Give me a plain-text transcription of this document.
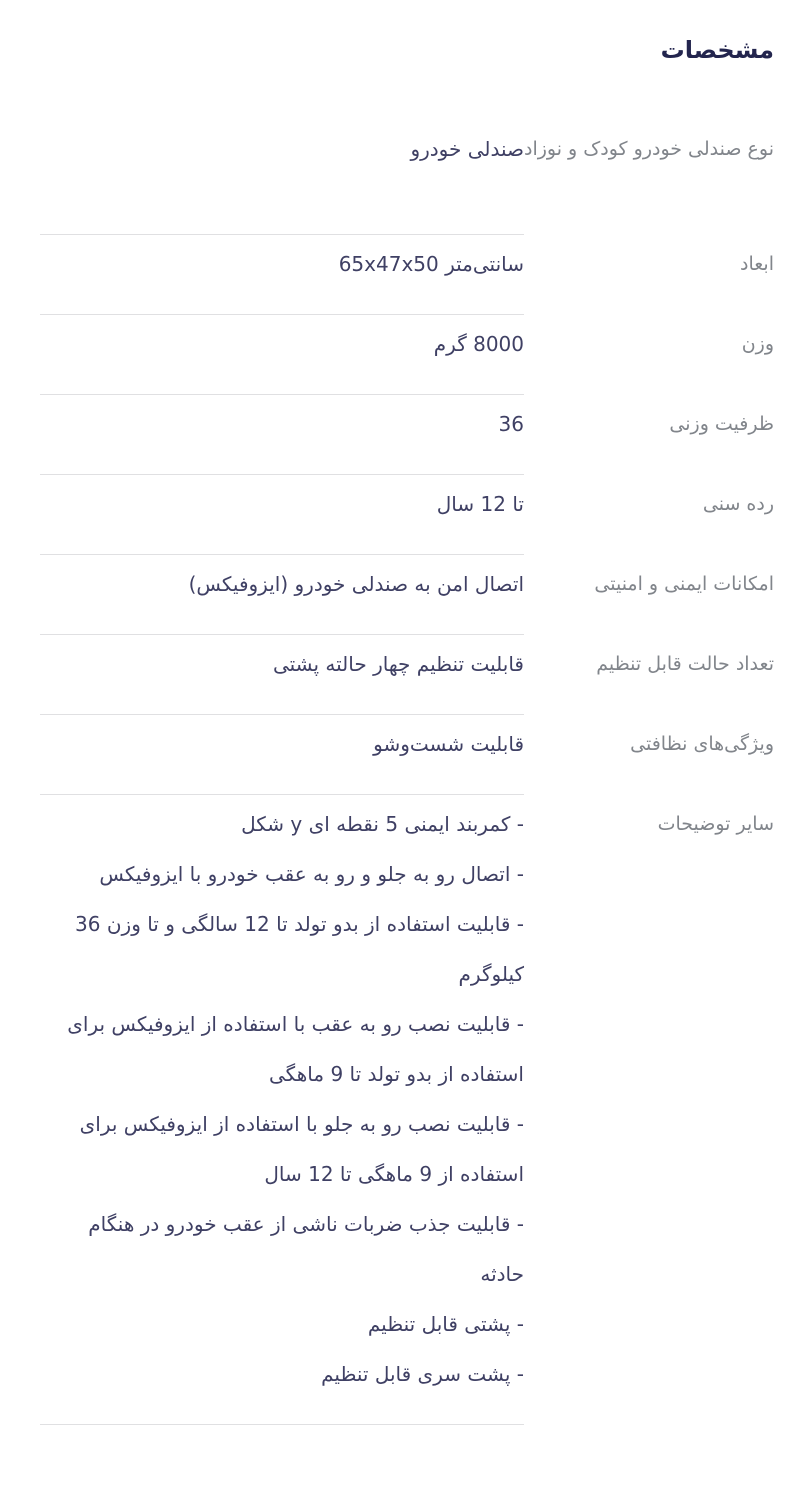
مشخصات
نوع صندلی خودرو کودک و نوزاد
صندلی خودرو
ابعاد
سانتی‌متر 65x47x50
وزن
8000 گرم
ظرفیت وزنی
36
رده سنی
تا 12 سال
امکانات ایمنی و امنیتی
اتصال امن به صندلی خودرو (ایزوفیکس)
تعداد حالت قابل تنظیم
قابلیت تنظیم چهار حالته پشتی
ویژگی‌های نظافتی
قابلیت شست‌وشو
سایر توضیحات
- کمربند ایمنی 5 نقطه ای y شکل
- اتصال رو به جلو و رو به عقب خودرو با ایزوفیکس
- قابلیت استفاده از بدو تولد تا 12 سالگی و تا وزن 36 کیلوگرم
- قابلیت نصب رو به عقب با استفاده از ایزوفیکس برای استفاده از بدو تولد تا 9 ماهگی
- قابلیت نصب رو به جلو با استفاده از ایزوفیکس برای استفاده از 9 ماهگی تا 12 سال
- قابلیت جذب ضربات ناشی از عقب خودرو در هنگام حادثه
- پشتی قابل تنظیم
- پشت سری قابل تنظیم
